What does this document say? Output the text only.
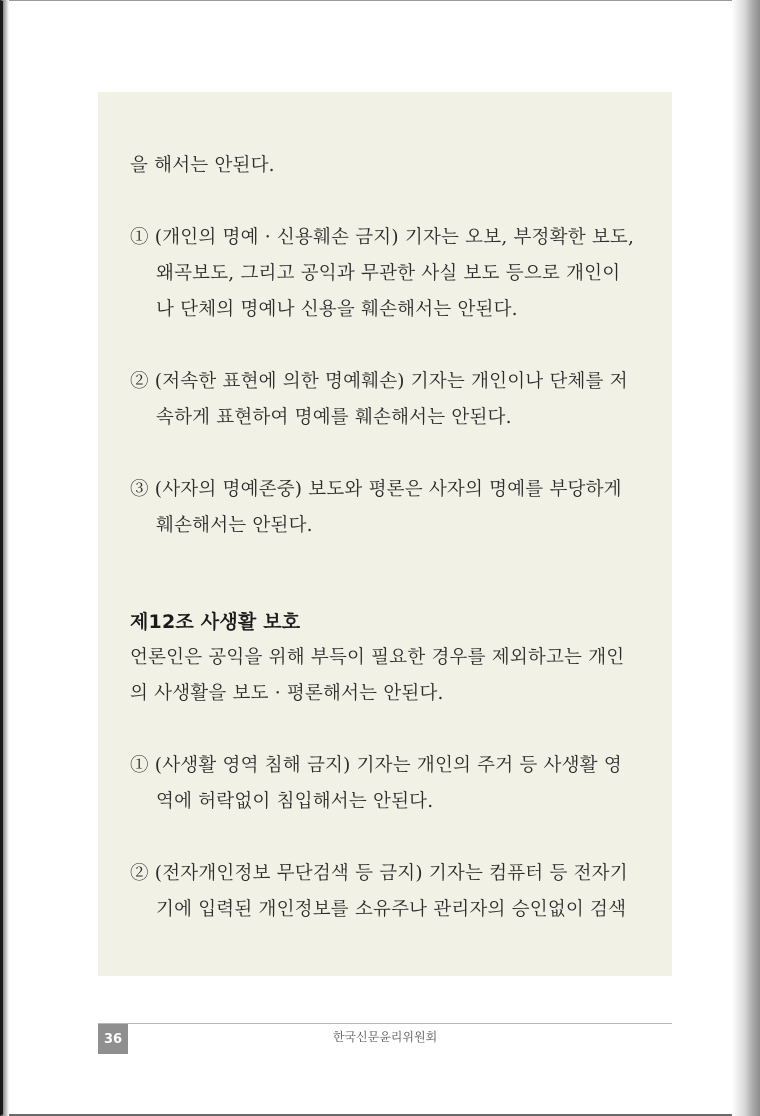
을 해서는 안된다.
① (개인의 명예 · 신용훼손 금지) 기자는 오보, 부정확한 보도,
왜곡보도, 그리고 공익과 무관한 사실 보도 등으로 개인이
나 단체의 명예나 신용을 훼손해서는 안된다.
② (저속한 표현에 의한 명예훼손) 기자는 개인이나 단체를 저
속하게 표현하여 명예를 훼손해서는 안된다.
③ (사자의 명예존중) 보도와 평론은 사자의 명예를 부당하게
훼손해서는 안된다.
제12조 사생활 보호
언론인은 공익을 위해 부득이 필요한 경우를 제외하고는 개인
의 사생활을 보도 · 평론해서는 안된다.
① (사생활 영역 침해 금지) 기자는 개인의 주거 등 사생활 영
역에 허락없이 침입해서는 안된다.
② (전자개인정보 무단검색 등 금지) 기자는 컴퓨터 등 전자기
기에 입력된 개인정보를 소유주나 관리자의 승인없이 검색
36	한국신문윤리위원회
